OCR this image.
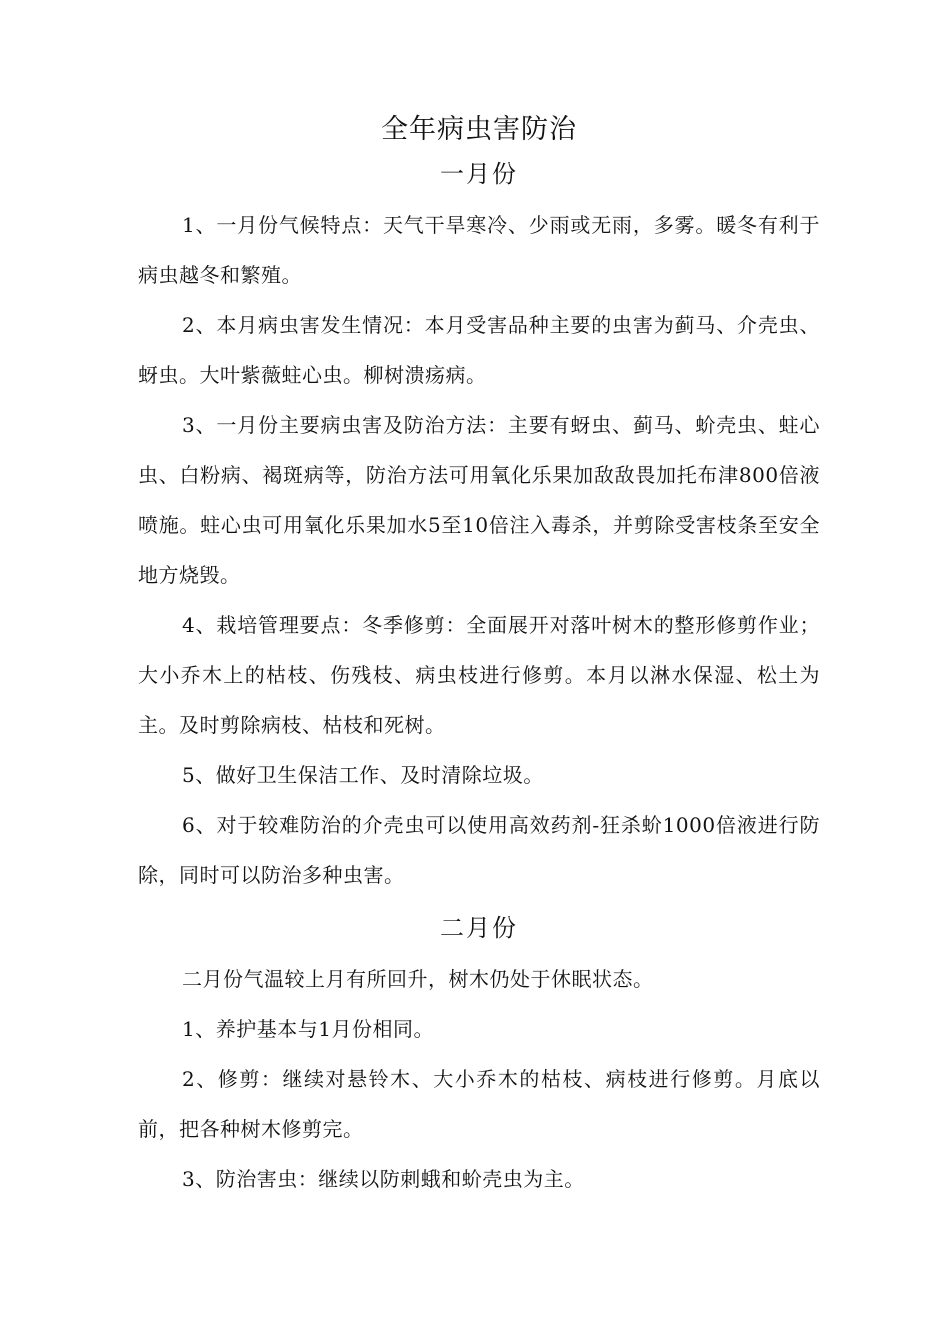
全年病虫害防治
一月份

1、一月份气候特点：天气干旱寒冷、少雨或无雨，多雾。暖冬有利于病虫越冬和繁殖。

2、本月病虫害发生情况：本月受害品种主要的虫害为蓟马、介壳虫、蚜虫。大叶紫薇蛀心虫。柳树溃疡病。

3、一月份主要病虫害及防治方法：主要有蚜虫、蓟马、蚧壳虫、蛀心虫、白粉病、褐斑病等，防治方法可用氧化乐果加敌敌畏加托布津800倍液喷施。蛀心虫可用氧化乐果加水5至10倍注入毒杀，并剪除受害枝条至安全地方烧毁。

4、栽培管理要点：冬季修剪：全面展开对落叶树木的整形修剪作业；大小乔木上的枯枝、伤残枝、病虫枝进行修剪。本月以淋水保湿、松土为主。及时剪除病枝、枯枝和死树。

5、做好卫生保洁工作、及时清除垃圾。

6、对于较难防治的介壳虫可以使用高效药剂-狂杀蚧1000倍液进行防除，同时可以防治多种虫害。

二月份

二月份气温较上月有所回升，树木仍处于休眠状态。

1、养护基本与1月份相同。

2、修剪：继续对悬铃木、大小乔木的枯枝、病枝进行修剪。月底以前，把各种树木修剪完。

3、防治害虫：继续以防刺蛾和蚧壳虫为主。
